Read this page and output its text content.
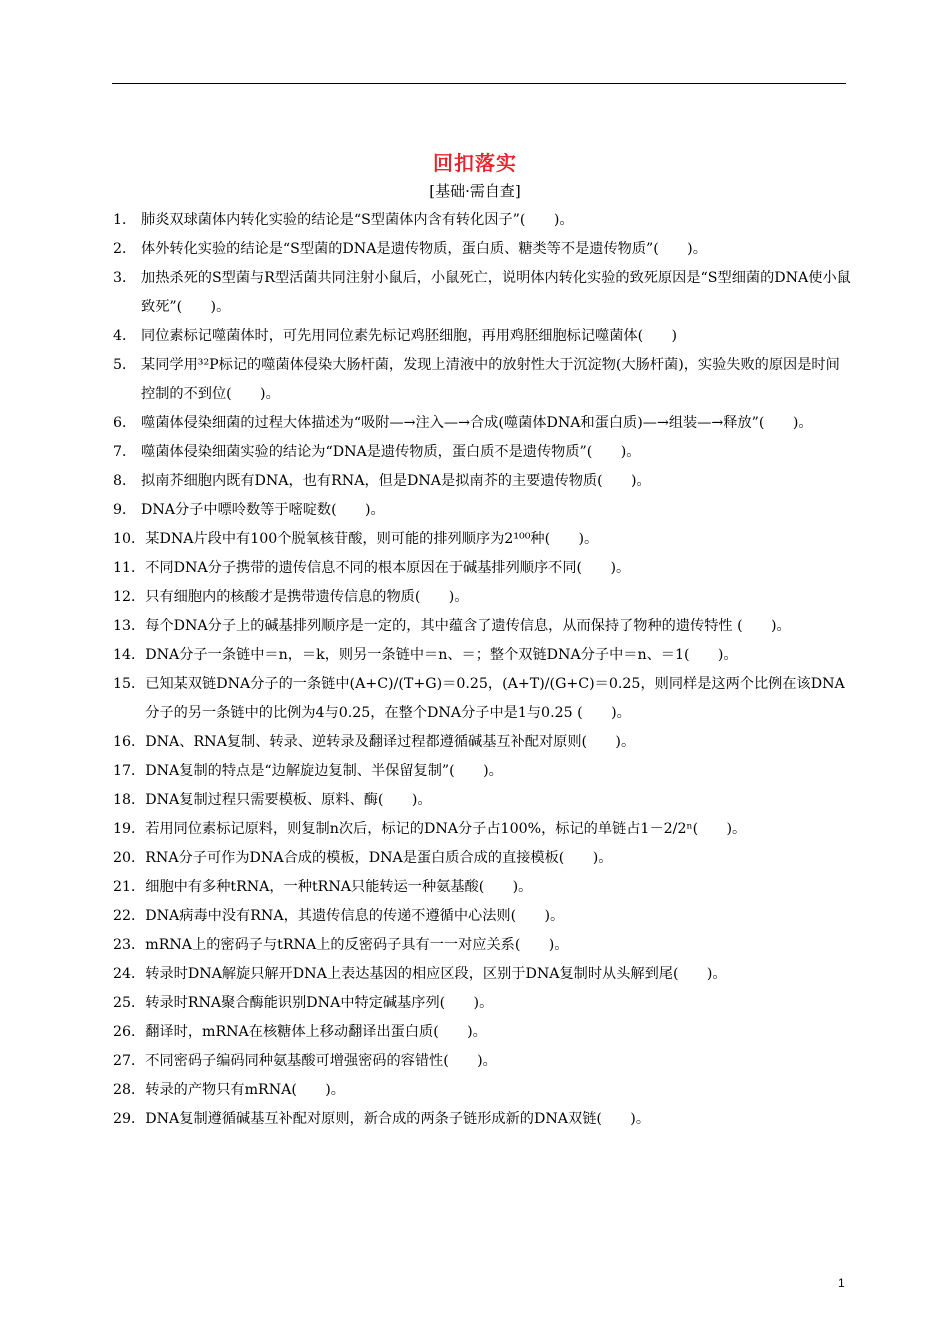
回扣落实
[基础·需自查]
1． 肺炎双球菌体内转化实验的结论是“S型菌体内含有转化因子”(　　)。
2． 体外转化实验的结论是“S型菌的DNA是遗传物质，蛋白质、糖类等不是遗传物质”(　　)。
3． 加热杀死的S型菌与R型活菌共同注射小鼠后，小鼠死亡，说明体内转化实验的致死原因是“S型细菌的DNA使小鼠致死”(　　)。
4． 同位素标记噬菌体时，可先用同位素先标记鸡胚细胞，再用鸡胚细胞标记噬菌体(　　)
5． 某同学用³²P标记的噬菌体侵染大肠杆菌，发现上清液中的放射性大于沉淀物(大肠杆菌)，实验失败的原因是时间控制的不到位(　　)。
6． 噬菌体侵染细菌的过程大体描述为“吸附—→注入—→合成(噬菌体DNA和蛋白质)—→组装—→释放”(　　)。
7． 噬菌体侵染细菌实验的结论为“DNA是遗传物质，蛋白质不是遗传物质”(　　)。
8． 拟南芥细胞内既有DNA，也有RNA，但是DNA是拟南芥的主要遗传物质(　　)。
9． DNA分子中嘌呤数等于嘧啶数(　　)。
10． 某DNA片段中有100个脱氧核苷酸，则可能的排列顺序为2¹⁰⁰种(　　)。
11． 不同DNA分子携带的遗传信息不同的根本原因在于碱基排列顺序不同(　　)。
12． 只有细胞内的核酸才是携带遗传信息的物质(　　)。
13． 每个DNA分子上的碱基排列顺序是一定的，其中蕴含了遗传信息，从而保持了物种的遗传特性 (　　)。
14． DNA分子一条链中＝n，＝k，则另一条链中＝n、＝；整个双链DNA分子中＝n、＝1(　　)。
15． 已知某双链DNA分子的一条链中(A+C)/(T+G)＝0.25，(A+T)/(G+C)＝0.25，则同样是这两个比例在该DNA分子的另一条链中的比例为4与0.25，在整个DNA分子中是1与0.25 (　　)。
16． DNA、RNA复制、转录、逆转录及翻译过程都遵循碱基互补配对原则(　　)。
17． DNA复制的特点是“边解旋边复制、半保留复制”(　　)。
18． DNA复制过程只需要模板、原料、酶(　　)。
19． 若用同位素标记原料，则复制n次后，标记的DNA分子占100%，标记的单链占1－2/2ⁿ(　　)。
20． RNA分子可作为DNA合成的模板，DNA是蛋白质合成的直接模板(　　)。
21． 细胞中有多种tRNA，一种tRNA只能转运一种氨基酸(　　)。
22． DNA病毒中没有RNA，其遗传信息的传递不遵循中心法则(　　)。
23． mRNA上的密码子与tRNA上的反密码子具有一一对应关系(　　)。
24． 转录时DNA解旋只解开DNA上表达基因的相应区段，区别于DNA复制时从头解到尾(　　)。
25． 转录时RNA聚合酶能识别DNA中特定碱基序列(　　)。
26． 翻译时，mRNA在核糖体上移动翻译出蛋白质(　　)。
27． 不同密码子编码同种氨基酸可增强密码的容错性(　　)。
28． 转录的产物只有mRNA(　　)。
29． DNA复制遵循碱基互补配对原则，新合成的两条子链形成新的DNA双链(　　)。
1
